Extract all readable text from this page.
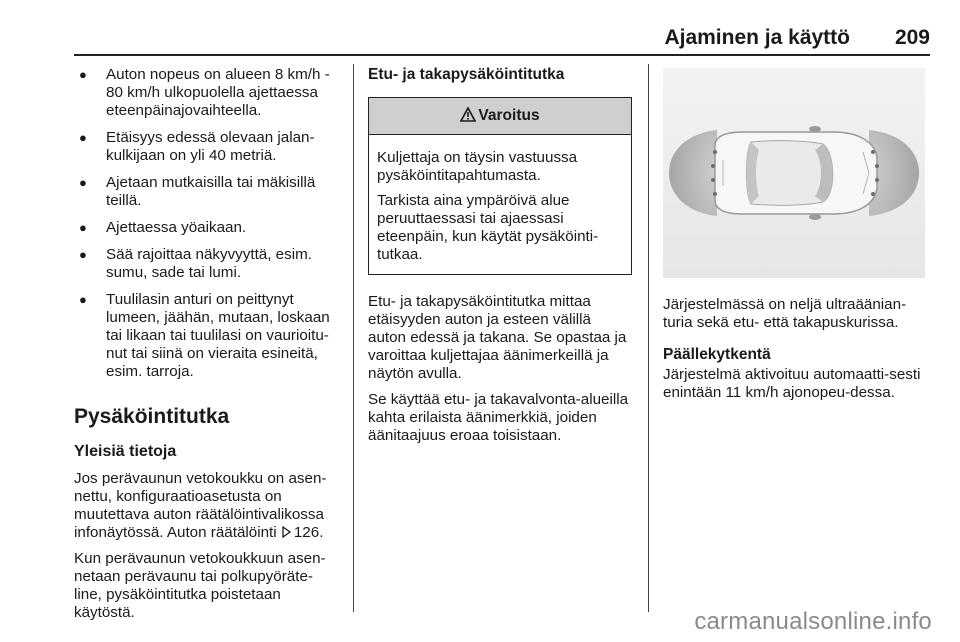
Ajaminen ja käyttö 209
● Auton nopeus on alueen 8 km/h - 80 km/h ulkopuolella ajettaessa eteenpäinajovaihteella.
● Etäisyys edessä olevaan jalan-kulkijaan on yli 40 metriä.
● Ajetaan mutkaisilla tai mäkisillä teillä.
● Ajettaessa yöaikaan.
● Sää rajoittaa näkyvyyttä, esim. sumu, sade tai lumi.
● Tuulilasin anturi on peittynyt lumeen, jäähän, mutaan, loskaan tai likaan tai tuulilasi on vaurioitu-nut tai siinä on vieraita esineitä, esim. tarroja.
Pysäköintitutka
Yleisiä tietoja

Jos perävaunun vetokoukku on asen-nettu, konfiguraatioasetusta on muutettava auton räätälöintivalikossa infonäytössä. Auton räätälöinti 126.

Kun perävaunun vetokoukkuun asen-netaan perävaunu tai polkupyöräte-line, pysäköintitutka poistetaan käytöstä.

Etu- ja takapysäköintitutka
Varoitus

Kuljettaja on täysin vastuussa pysäköintitapahtumasta.

Tarkista aina ympäröivä alue peruuttaessasi tai ajaessasi eteenpäin, kun käytät pysäköinti-tutkaa.

Etu- ja takapysäköintitutka mittaa etäisyyden auton ja esteen välillä auton edessä ja takana. Se opastaa ja varoittaa kuljettajaa äänimerkeillä ja näytön avulla.

Se käyttää etu- ja takavalvonta-alueilla kahta erilaista äänimerkkiä, joiden äänitaajuus eroaa toisistaan.

Järjestelmässä on neljä ultraäänian-turia sekä etu- että takapuskurissa.

Päällekytkentä

Järjestelmä aktivoituu automaatti-sesti enintään 11 km/h ajonopeu-dessa.

carmanualsonline.info
